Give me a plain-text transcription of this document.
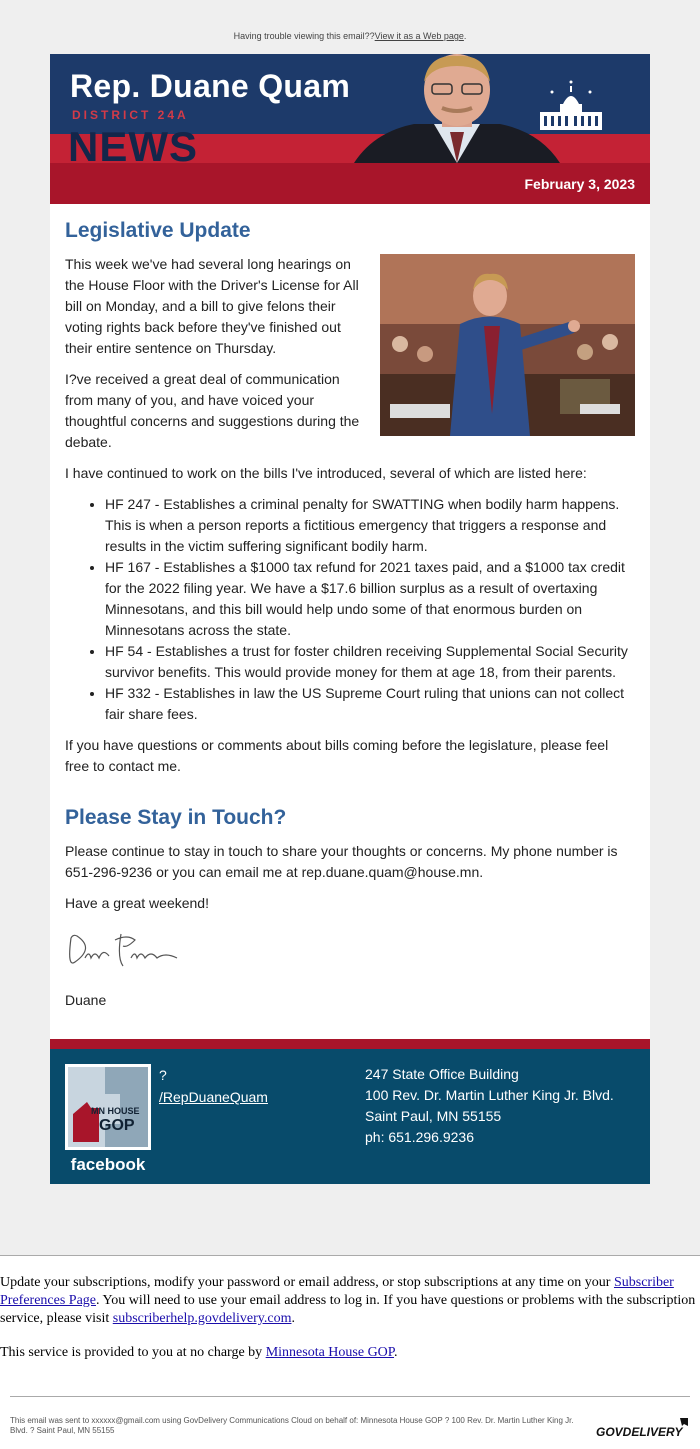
Having trouble viewing this email??View it as a Web page.
Rep. Duane Quam
DISTRICT 24A
NEWS
February 3, 2023
Legislative Update

This week we've had several long hearings on the House Floor with the Driver's License for All bill on Monday, and a bill to give felons their voting rights back before they've finished out their entire sentence on Thursday.

I?ve received a great deal of communication from many of you, and have voiced your thoughtful concerns and suggestions during the debate.

I have continued to work on the bills I've introduced, several of which are listed here:

• HF 247 - Establishes a criminal penalty for SWATTING when bodily harm happens. This is when a person reports a fictitious emergency that triggers a response and results in the victim suffering significant bodily harm.
• HF 167 - Establishes a $1000 tax refund for 2021 taxes paid, and a $1000 tax credit for the 2022 filing year. We have a $17.6 billion surplus as a result of overtaxing Minnesotans, and this bill would help undo some of that enormous burden on Minnesotans across the state.
• HF 54 - Establishes a trust for foster children receiving Supplemental Social Security survivor benefits. This would provide money for them at age 18, from their parents.
• HF 332 - Establishes in law the US Supreme Court ruling that unions can not collect fair share fees.

If you have questions or comments about bills coming before the legislature, please feel free to contact me.

Please Stay in Touch?

Please continue to stay in touch to share your thoughts or concerns. My phone number is 651-296-9236 or you can email me at rep.duane.quam@house.mn.

Have a great weekend!

Duane

MN HOUSE
GOP
facebook
?
/RepDuaneQuam
247 State Office Building
100 Rev. Dr. Martin Luther King Jr. Blvd.
Saint Paul, MN 55155
ph: 651.296.9236

Update your subscriptions, modify your password or email address, or stop subscriptions at any time on your Subscriber Preferences Page. You will need to use your email address to log in. If you have questions or problems with the subscription service, please visit subscriberhelp.govdelivery.com.

This service is provided to you at no charge by Minnesota House GOP.

This email was sent to xxxxxx@gmail.com using GovDelivery Communications Cloud on behalf of: Minnesota House GOP ? 100 Rev. Dr. Martin Luther King Jr. Blvd. ? Saint Paul, MN 55155	GOVDELIVERY
